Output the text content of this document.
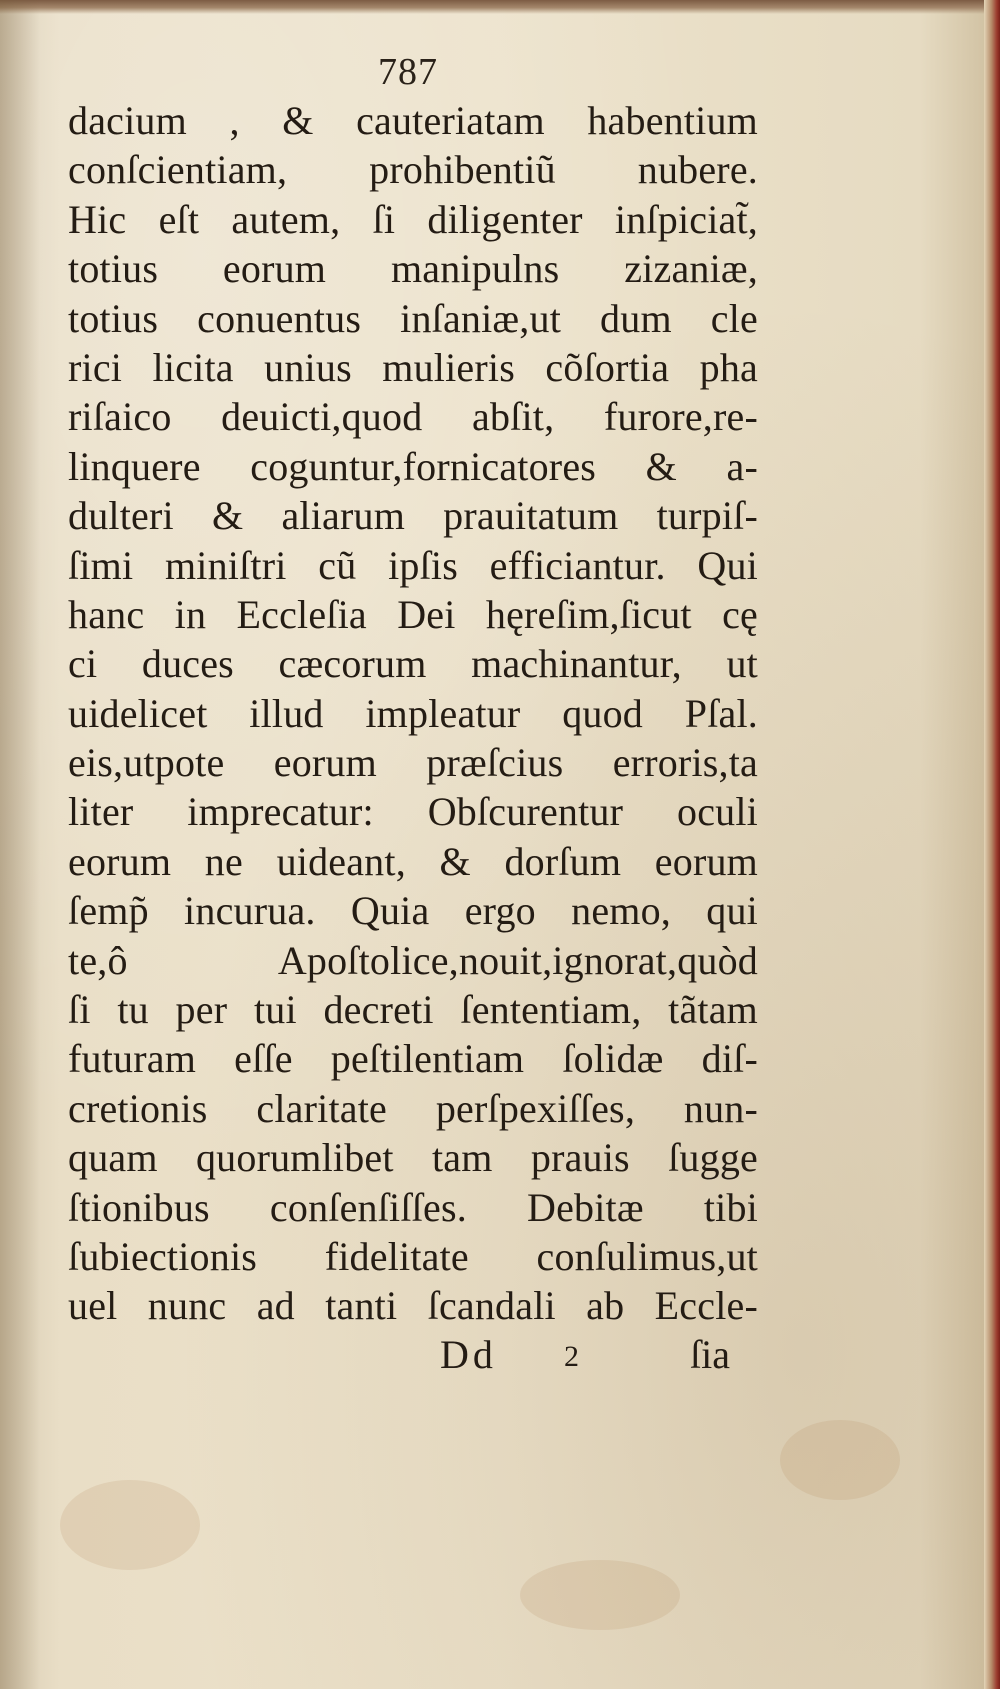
787
dacium , & cauteriatam habentium
conſcientiam, prohibentiũ nubere.
Hic eſt autem, ſi diligenter inſpiciat̃,
totius eorum manipulns zizaniæ,
totius conuentus inſaniæ,ut dum cle
rici licita unius mulieris cõſortia pha
riſaico deuicti,quod abſit, furore,re-
linquere coguntur,fornicatores & a-
dulteri & aliarum prauitatum turpiſ-
ſimi miniſtri cũ ipſis efficiantur. Qui
hanc in Eccleſia Dei hęreſim,ſicut cę
ci duces cæcorum machinantur, ut
uidelicet illud impleatur quod Pſal.
eis,utpote eorum præſcius erroris,ta
liter imprecatur: Obſcurentur oculi
eorum ne uideant, & dorſum eorum
ſemp̃ incurua. Quia ergo nemo, qui
te,ô Apoſtolice,nouit,ignorat,quòd
ſi tu per tui decreti ſententiam, tãtam
futuram eſſe peſtilentiam ſolidæ diſ-
cretionis claritate perſpexiſſes, nun-
quam quorumlibet tam prauis ſugge
ſtionibus conſenſiſſes. Debitæ tibi
ſubiectionis fidelitate conſulimus,ut
uel nunc ad tanti ſcandali ab Eccle-
Dd 2	ſia
